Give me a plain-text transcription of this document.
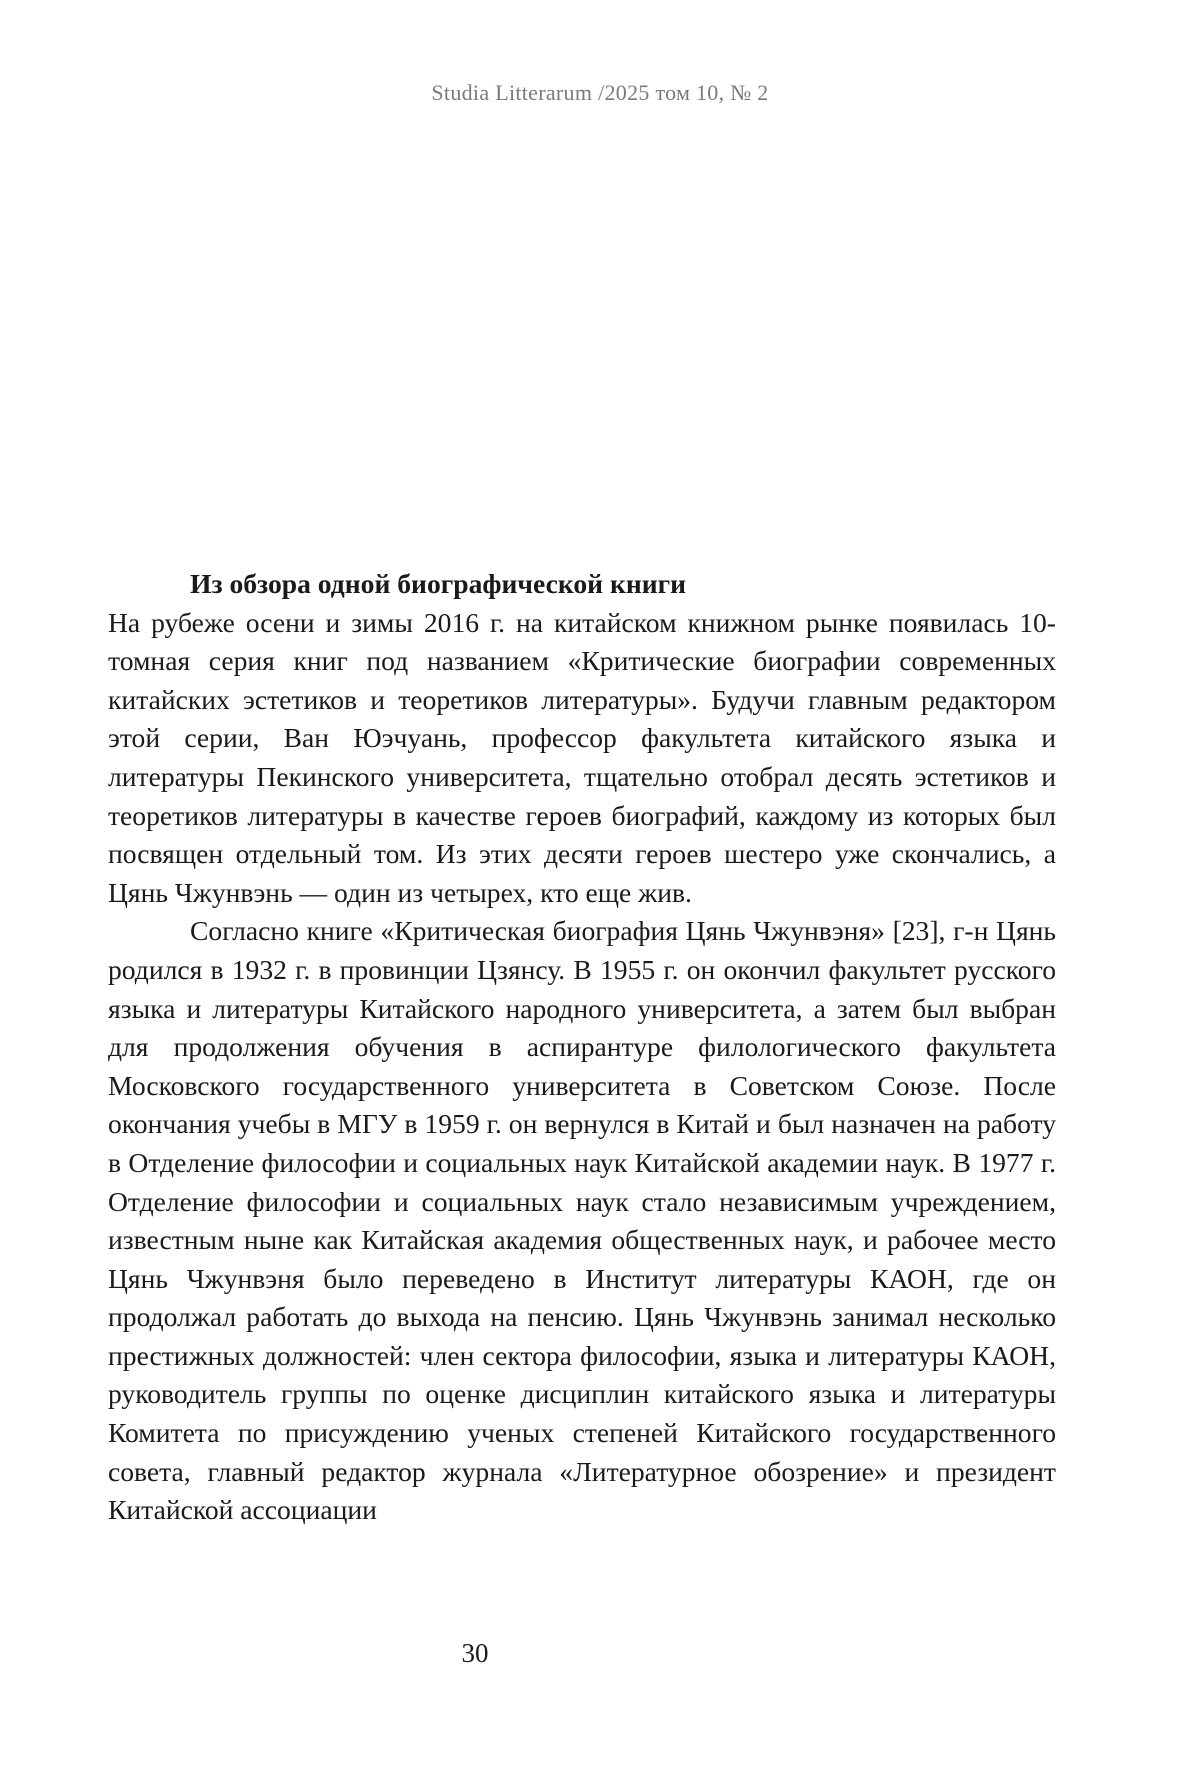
Studia Litterarum /2025 том 10, № 2

Из обзора одной биографической книги

На рубеже осени и зимы 2016 г. на китайском книжном рынке появилась 10-томная серия книг под названием «Критические биографии современных китайских эстетиков и теоретиков литературы». Будучи главным редактором этой серии, Ван Юэчуань, профессор факультета китайского языка и литературы Пекинского университета, тщательно отобрал десять эстетиков и теоретиков литературы в качестве героев биографий, каждому из которых был посвящен отдельный том. Из этих десяти героев шестеро уже скончались, а Цянь Чжунвэнь — один из четырех, кто еще жив.

Согласно книге «Критическая биография Цянь Чжунвэня» [23], г-н Цянь родился в 1932 г. в провинции Цзянсу. В 1955 г. он окончил факультет русского языка и литературы Китайского народного университета, а затем был выбран для продолжения обучения в аспирантуре филологического факультета Московского государственного университета в Советском Союзе. После окончания учебы в МГУ в 1959 г. он вернулся в Китай и был назначен на работу в Отделение философии и социальных наук Китайской академии наук. В 1977 г. Отделение философии и социальных наук стало независимым учреждением, известным ныне как Китайская академия общественных наук, и рабочее место Цянь Чжунвэня было переведено в Институт литературы КАОН, где он продолжал работать до выхода на пенсию. Цянь Чжунвэнь занимал несколько престижных должностей: член сектора философии, языка и литературы КАОН, руководитель группы по оценке дисциплин китайского языка и литературы Комитета по присуждению ученых степеней Китайского государственного совета, главный редактор журнала «Литературное обозрение» и президент Китайской ассоциации

30
